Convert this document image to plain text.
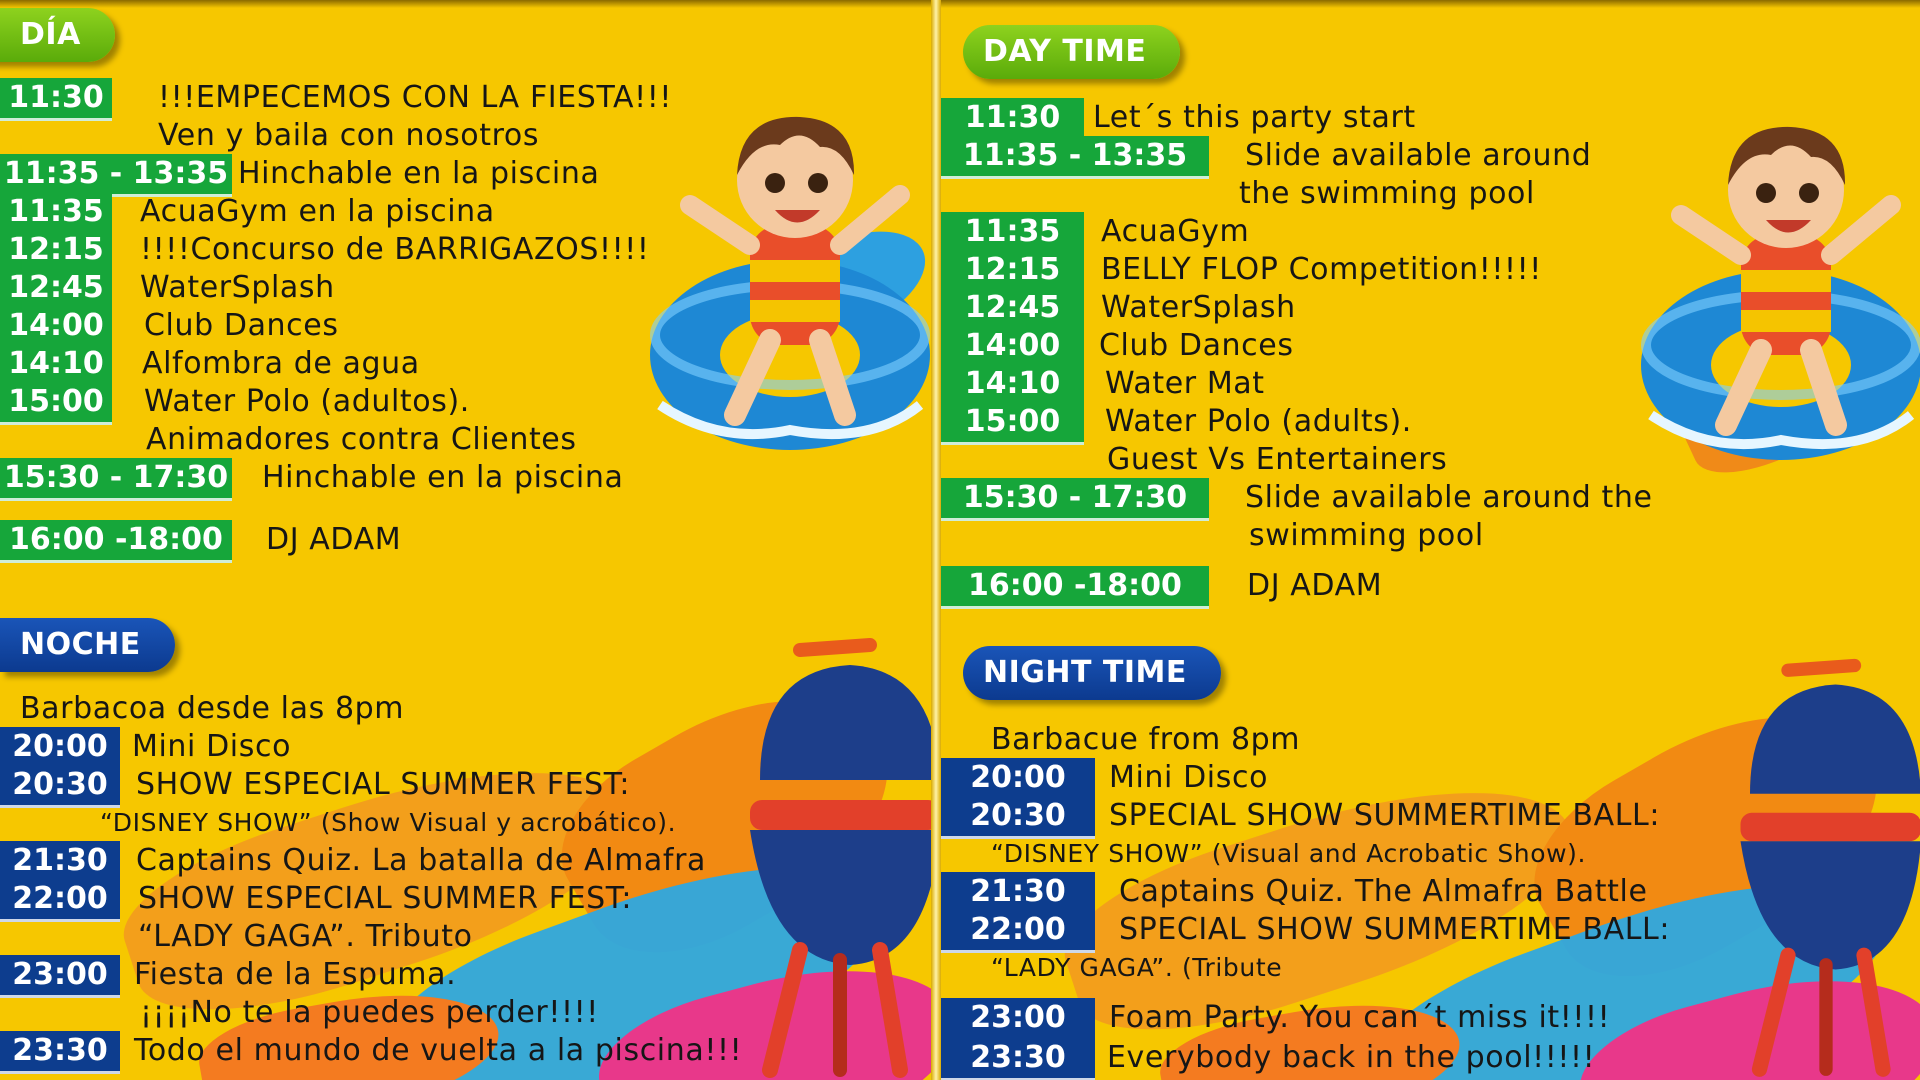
DÍA
11:30 !!!EMPECEMOS CON LA FIESTA!!!
Ven y baila con nosotros
11:35 - 13:35 Hinchable en la piscina
11:35 AcuaGym en la piscina
12:15 !!!!Concurso de BARRIGAZOS!!!!
12:45 WaterSplash
14:00 Club Dances
14:10 Alfombra de agua
15:00 Water Polo (adultos).
Animadores contra Clientes
15:30 - 17:30 Hinchable en la piscina
16:00 -18:00	DJ ADAM
NOCHE
Barbacoa desde las 8pm
20:00 Mini Disco
20:30 SHOW ESPECIAL SUMMER FEST:
“DISNEY SHOW” (Show Visual y acrobático).
21:30 Captains Quiz. La batalla de Almafra
22:00	SHOW ESPECIAL SUMMER FEST:
“LADY GAGA”. Tributo
23:00 Fiesta de la Espuma.
¡¡¡¡No te la puedes perder!!!!
23:30 Todo el mundo de vuelta a la piscina!!!
DAY TIME
11:30	Let´s this party start
11:35 - 13:35	Slide available around
the swimming pool
11:35	AcuaGym
12:15	BELLY FLOP Competition!!!!!
12:45	WaterSplash
14:00	Club Dances
14:10	Water Mat
15:00	Water Polo (adults).
Guest Vs Entertainers
15:30 - 17:30	Slide available around the
swimming pool
16:00 -18:00	DJ ADAM
NIGHT TIME
Barbacue from 8pm
20:00	Mini Disco
20:30	SPECIAL SHOW SUMMERTIME BALL:
“DISNEY SHOW” (Visual and Acrobatic Show).
21:30	Captains Quiz. The Almafra Battle
22:00	SPECIAL SHOW SUMMERTIME BALL:
“LADY GAGA”. (Tribute
23:00	Foam Party. You can´t miss it!!!!
23:30	Everybody back in the pool!!!!!
